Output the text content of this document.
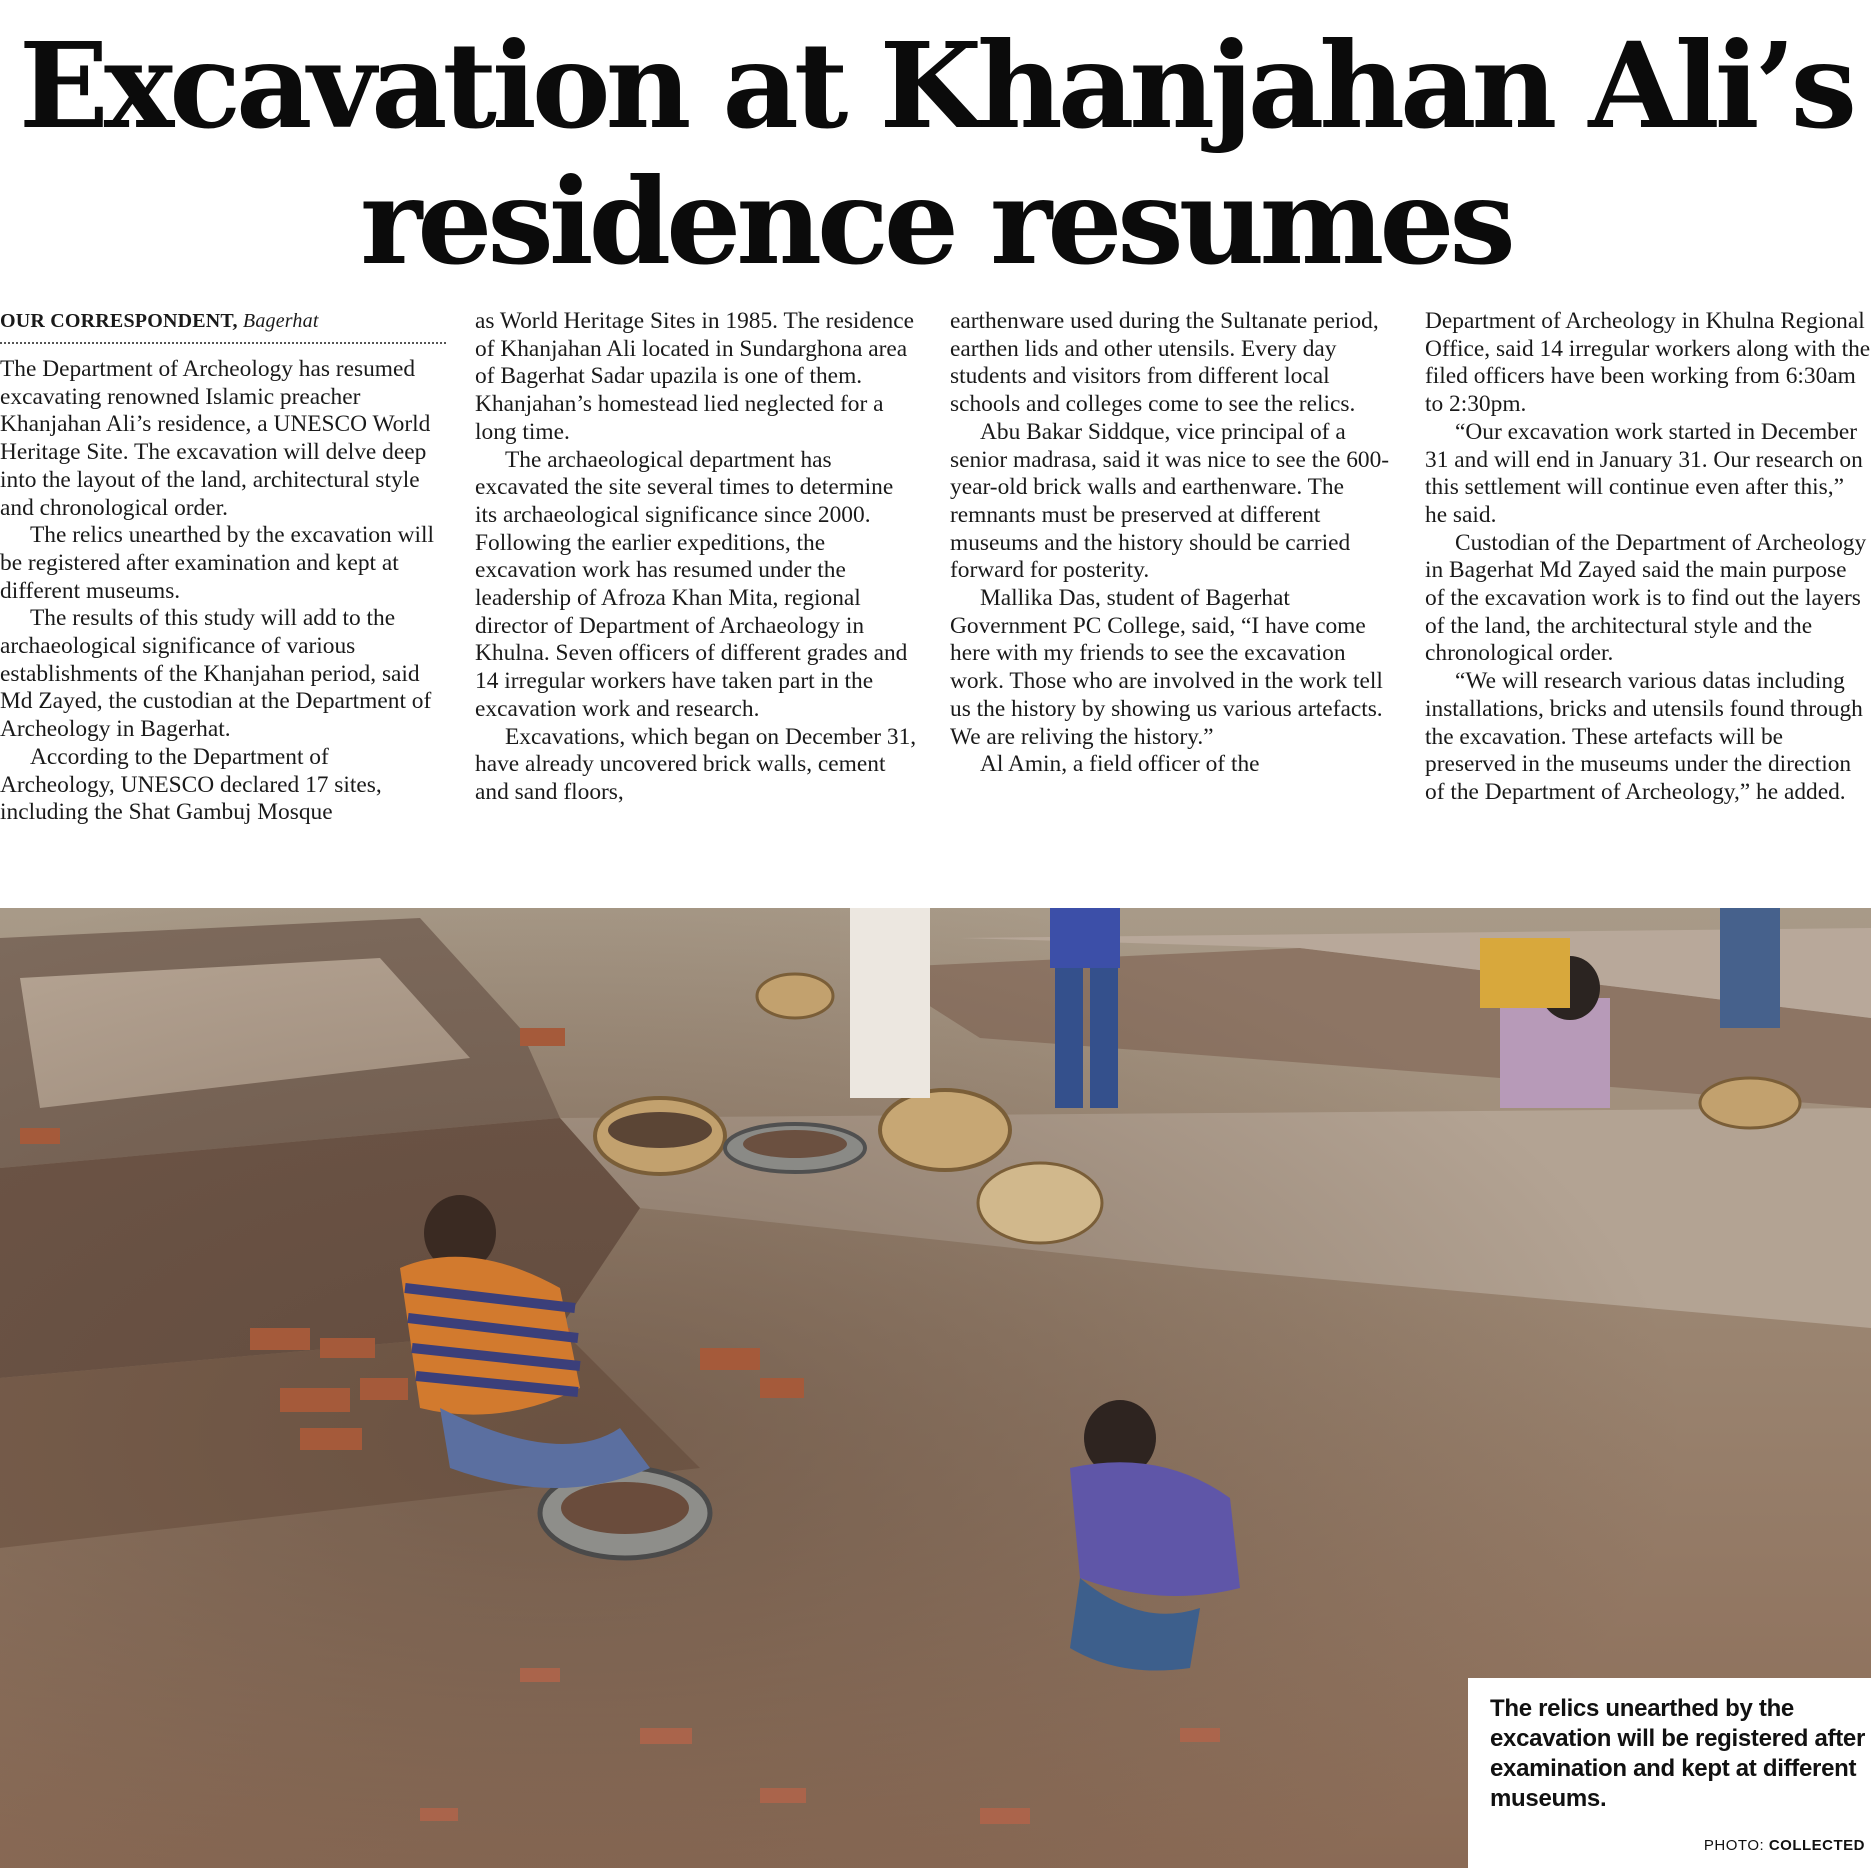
Excavation at Khanjahan Ali’s
residence resumes
OUR CORRESPONDENT, Bagerhat

The Department of Archeology has resumed excavating renowned Islamic preacher Khanjahan Ali’s residence, a UNESCO World Heritage Site. The excavation will delve deep into the layout of the land, architectural style and chronological order.

The relics unearthed by the excavation will be registered after examination and kept at different museums.

The results of this study will add to the archaeological significance of various establishments of the Khanjahan period, said Md Zayed, the custodian at the Department of Archeology in Bagerhat.

According to the Department of Archeology, UNESCO declared 17 sites, including the Shat Gambuj Mosque

as World Heritage Sites in 1985. The residence of Khanjahan Ali located in Sundarghona area of Bagerhat Sadar upazila is one of them. Khanjahan’s homestead lied neglected for a long time.

The archaeological department has excavated the site several times to determine its archaeological significance since 2000. Following the earlier expeditions, the excavation work has resumed under the leadership of Afroza Khan Mita, regional director of Department of Archaeology in Khulna. Seven officers of different grades and 14 irregular workers have taken part in the excavation work and research.

Excavations, which began on December 31, have already uncovered brick walls, cement and sand floors,

earthenware used during the Sultanate period, earthen lids and other utensils. Every day students and visitors from different local schools and colleges come to see the relics.

Abu Bakar Siddque, vice principal of a senior madrasa, said it was nice to see the 600-year-old brick walls and earthenware. The remnants must be preserved at different museums and the history should be carried forward for posterity.

Mallika Das, student of Bagerhat Government PC College, said, “I have come here with my friends to see the excavation work. Those who are involved in the work tell us the history by showing us various artefacts. We are reliving the history.”

Al Amin, a field officer of the

Department of Archeology in Khulna Regional Office, said 14 irregular workers along with the filed officers have been working from 6:30am to 2:30pm.

“Our excavation work started in December 31 and will end in January 31. Our research on this settlement will continue even after this,” he said.

Custodian of the Department of Archeology in Bagerhat Md Zayed said the main purpose of the excavation work is to find out the layers of the land, the architectural style and the chronological order.

“We will research various datas including installations, bricks and utensils found through the excavation. These artefacts will be preserved in the museums under the direction of the Department of Archeology,” he added.

The relics unearthed by the excavation will be registered after examination and kept at different museums.

PHOTO: COLLECTED
